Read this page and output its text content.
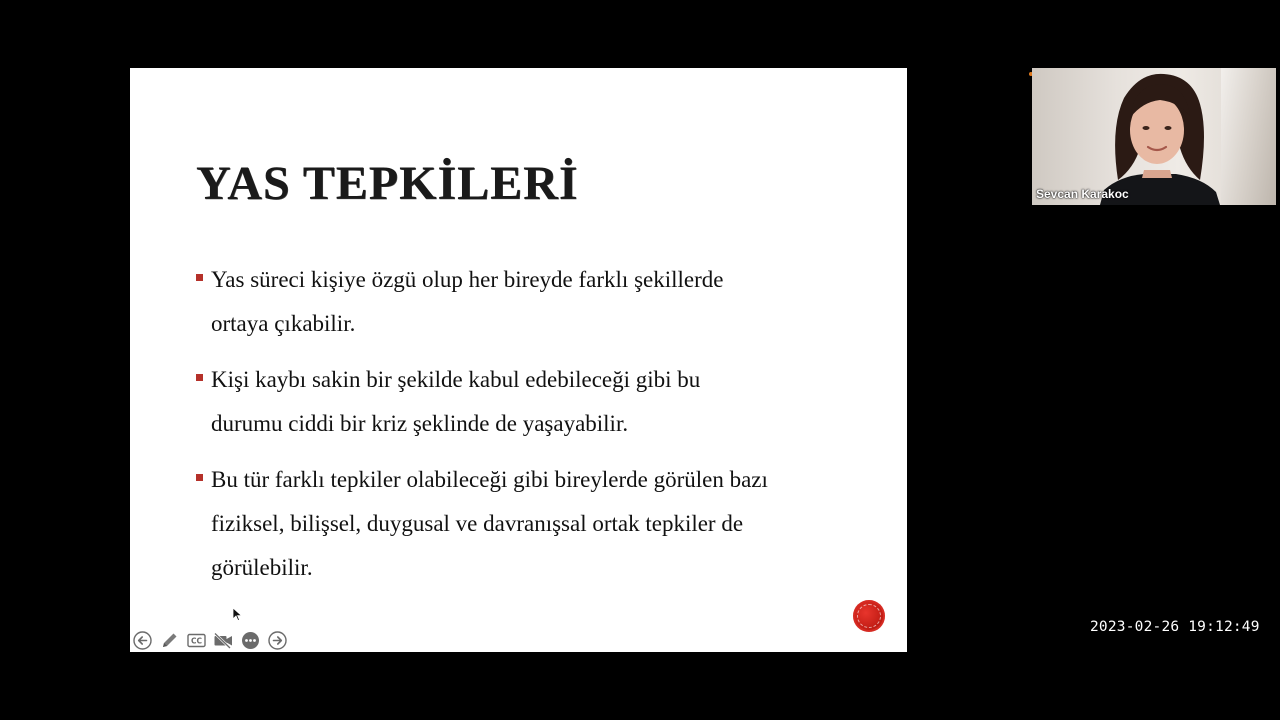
YAS TEPKİLERİ
Yas süreci kişiye özgü olup her bireyde farklı şekillerde
ortaya çıkabilir.
Kişi kaybı sakin bir şekilde kabul edebileceği gibi bu
durumu ciddi bir kriz şeklinde de yaşayabilir.
Bu tür farklı tepkiler olabileceği gibi bireylerde görülen bazı
fiziksel, bilişsel, duygusal ve davranışsal ortak tepkiler de
görülebilir.
CC
Sevcan Karakoc
2023-02-26 19:12:49
